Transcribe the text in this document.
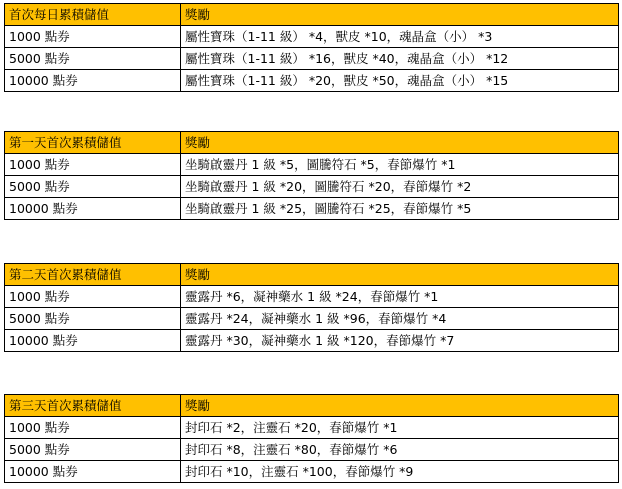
首次每日累積儲值	獎勵
1000 點券	屬性寶珠（1-11 級） *4，獸皮 *10，魂晶盒（小） *3
5000 點券	屬性寶珠（1-11 級） *16，獸皮 *40，魂晶盒（小） *12
10000 點券	屬性寶珠（1-11 級） *20，獸皮 *50，魂晶盒（小） *15
第一天首次累積儲值	獎勵
1000 點券	坐騎啟靈丹 1 級 *5，圖騰符石 *5，春節爆竹 *1
5000 點券	坐騎啟靈丹 1 級 *20，圖騰符石 *20，春節爆竹 *2
10000 點券	坐騎啟靈丹 1 級 *25，圖騰符石 *25，春節爆竹 *5
第二天首次累積儲值	獎勵
1000 點券	靈露丹 *6，凝神藥水 1 級 *24，春節爆竹 *1
5000 點券	靈露丹 *24，凝神藥水 1 級 *96，春節爆竹 *4
10000 點券	靈露丹 *30，凝神藥水 1 級 *120，春節爆竹 *7
第三天首次累積儲值	獎勵
1000 點券	封印石 *2，注靈石 *20，春節爆竹 *1
5000 點券	封印石 *8，注靈石 *80，春節爆竹 *6
10000 點券	封印石 *10，注靈石 *100，春節爆竹 *9
